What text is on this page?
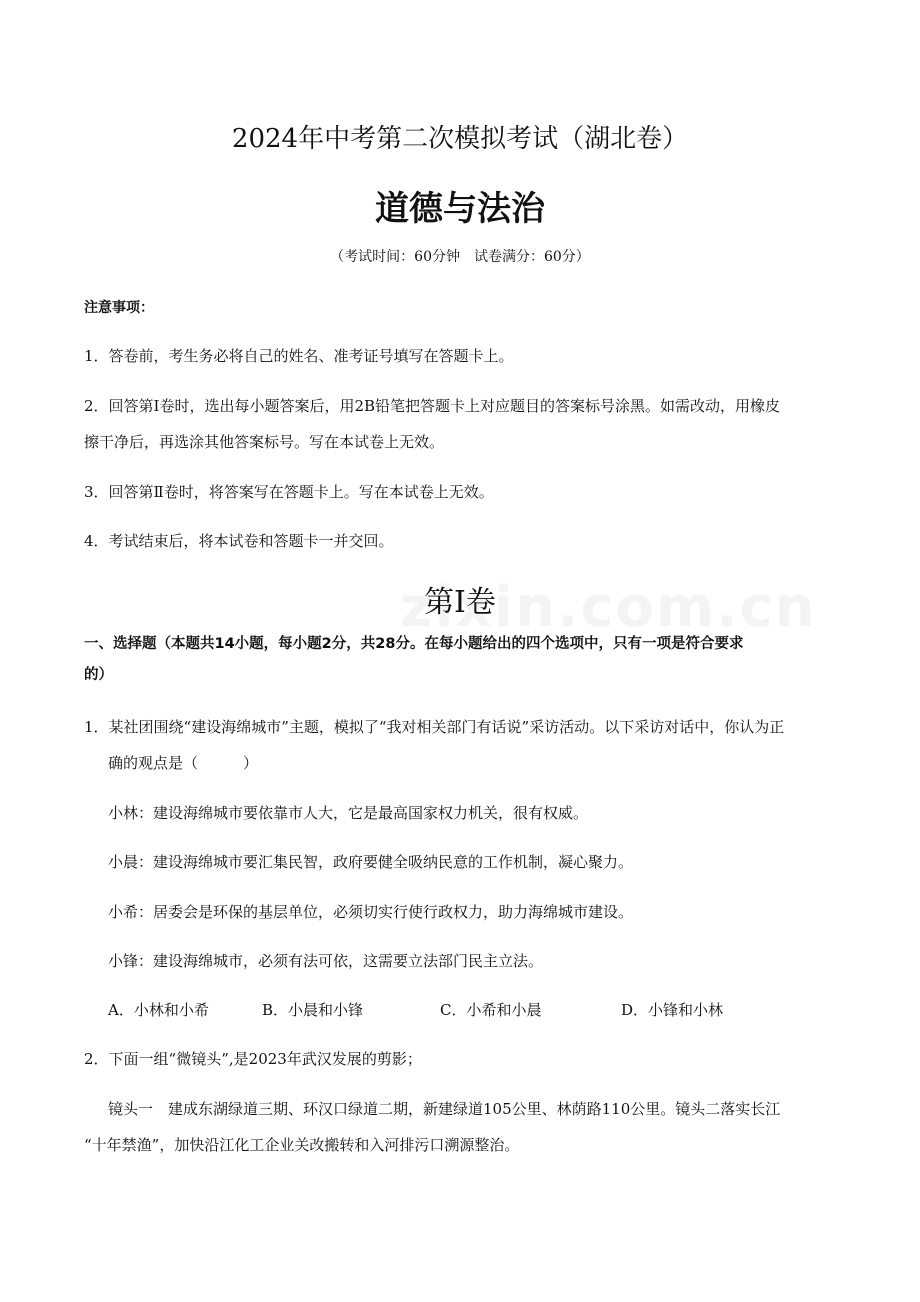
2024年中考第二次模拟考试（湖北卷）
道德与法治
（考试时间：60分钟　试卷满分：60分）
注意事项：
1．答卷前，考生务必将自己的姓名、准考证号填写在答题卡上。
2．回答第Ⅰ卷时，选出每小题答案后，用2B铅笔把答题卡上对应题目的答案标号涂黑。如需改动，用橡皮
擦干净后，再选涂其他答案标号。写在本试卷上无效。
3．回答第Ⅱ卷时，将答案写在答题卡上。写在本试卷上无效。
4．考试结束后，将本试卷和答题卡一并交回。
第Ⅰ卷
一、选择题（本题共14小题，每小题2分，共28分。在每小题给出的四个选项中，只有一项是符合要求
的）
1．某社团围绕“建设海绵城市”主题，模拟了“我对相关部门有话说”采访活动。以下采访对话中，你认为正
确的观点是（　　　）
小林：建设海绵城市要依靠市人大，它是最高国家权力机关，很有权威。
小晨：建设海绵城市要汇集民智，政府要健全吸纳民意的工作机制，凝心聚力。
小希：居委会是环保的基层单位，必须切实行使行政权力，助力海绵城市建设。
小锋：建设海绵城市，必须有法可依，这需要立法部门民主立法。
A．小林和小希	B．小晨和小锋	C．小希和小晨	D．小锋和小林
2．下面一组“微镜头”,是2023年武汉发展的剪影；
镜头一　建成东湖绿道三期、环汉口绿道二期，新建绿道105公里、林荫路110公里。镜头二落实长江
“十年禁渔”，加快沿江化工企业关改搬转和入河排污口溯源整治。
